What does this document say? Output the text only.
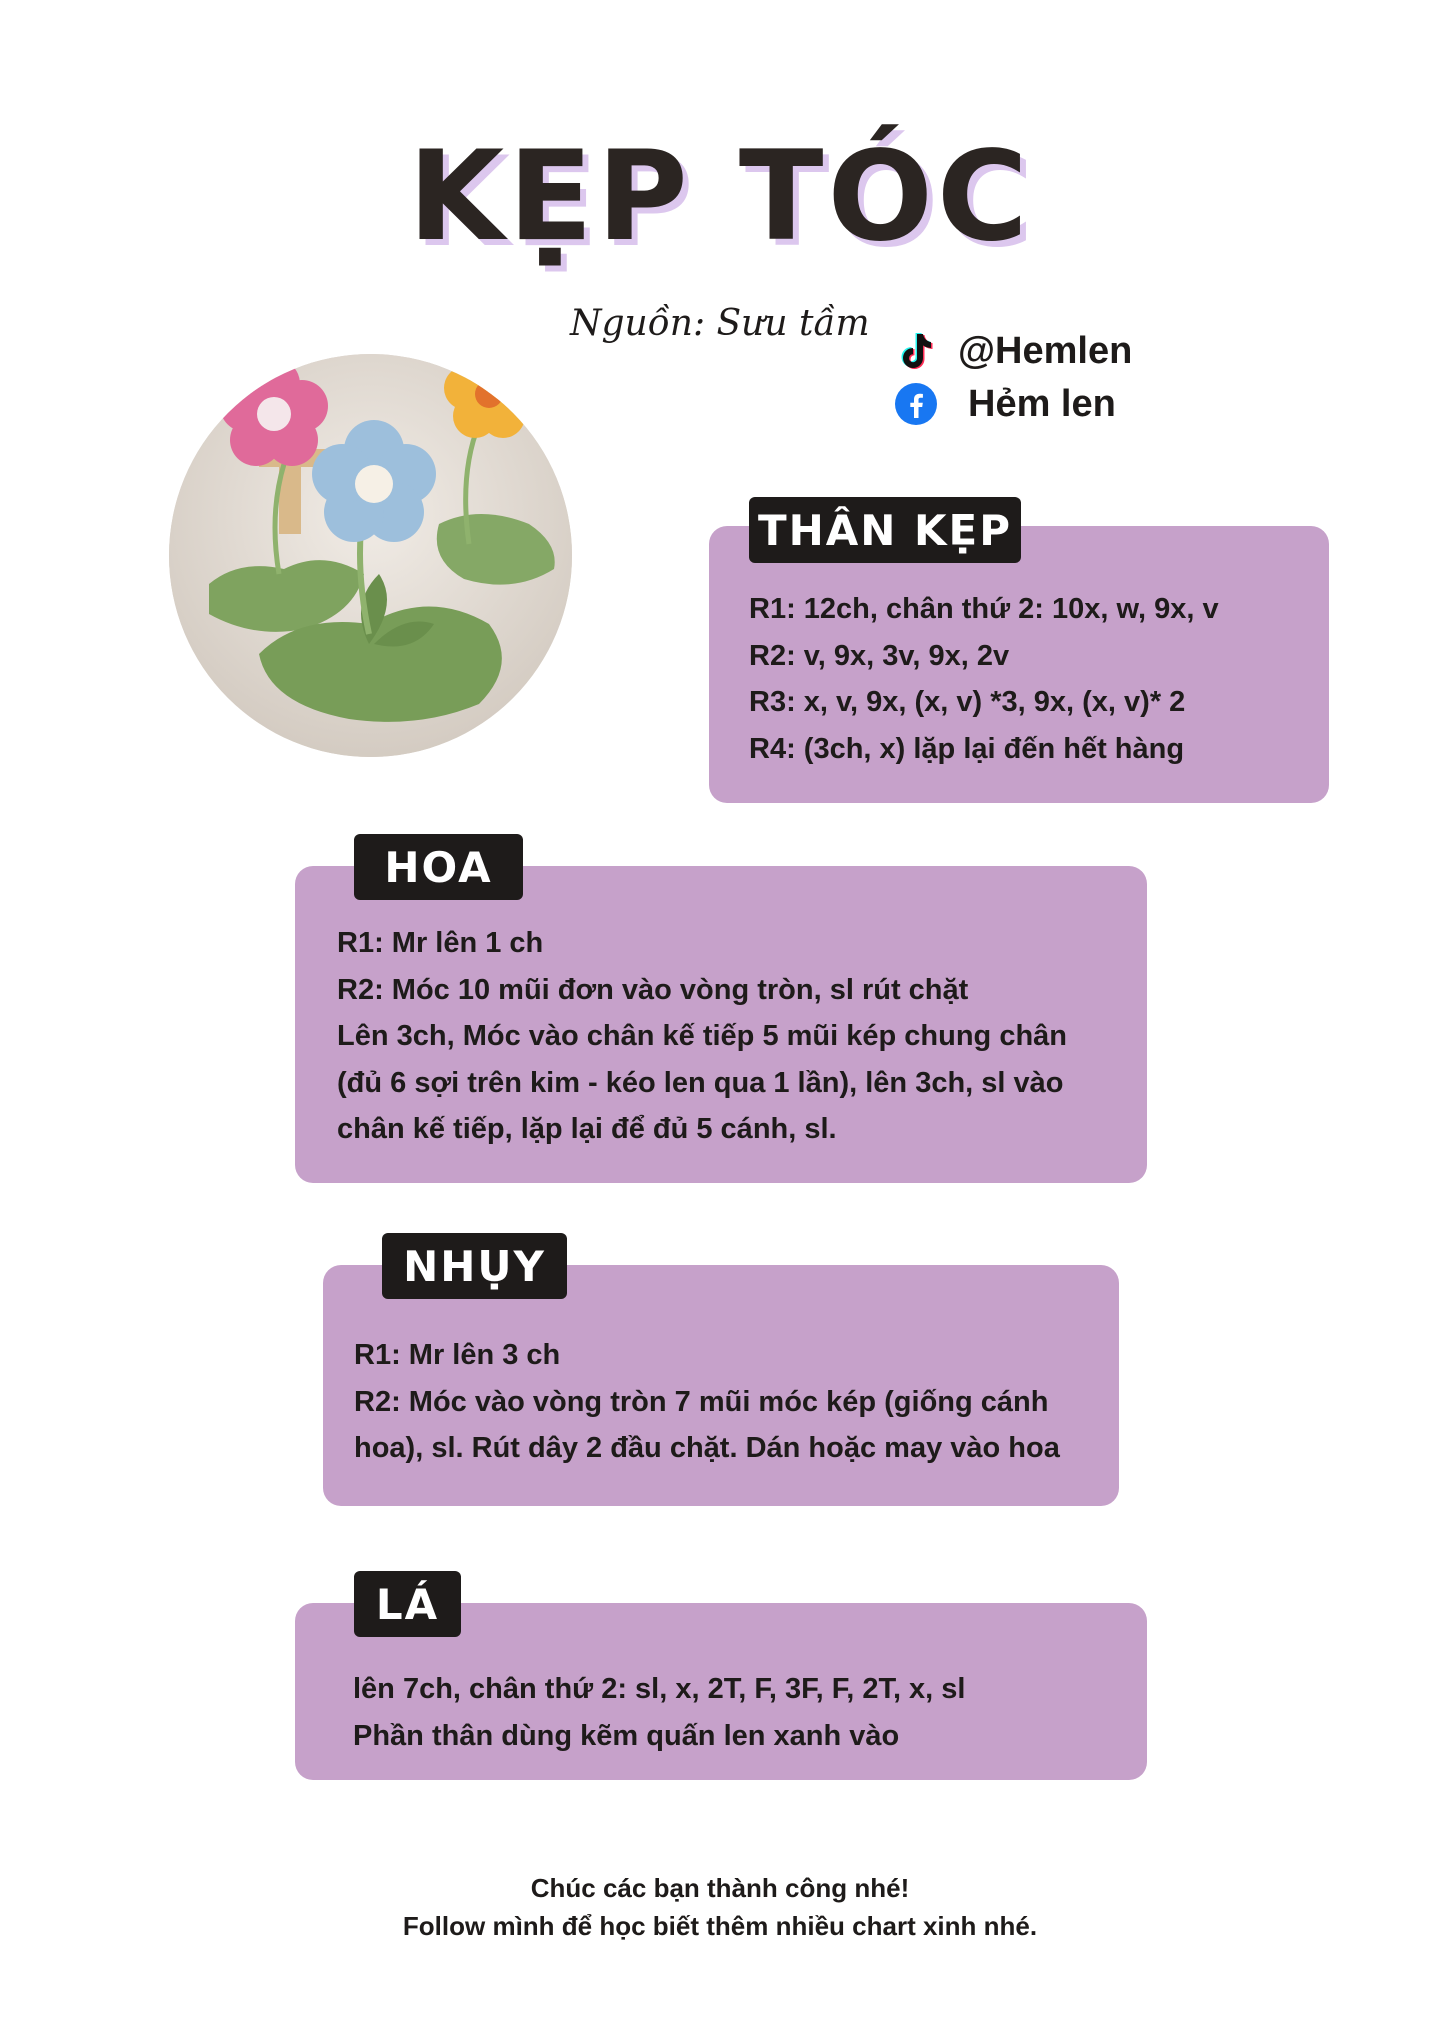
KẸP TÓC
Nguồn: Sưu tầm
@Hemlen
Hẻm len
R1: 12ch, chân thứ 2: 10x, w, 9x, v
R2: v, 9x, 3v, 9x, 2v
R3: x, v, 9x, (x, v) *3, 9x, (x, v)* 2
R4: (3ch, x) lặp lại đến hết hàng
THÂN KẸP
R1: Mr lên 1 ch
R2: Móc 10 mũi đơn vào vòng tròn, sl rút chặt
Lên 3ch, Móc vào chân kế tiếp 5 mũi kép chung chân
(đủ 6 sợi trên kim - kéo len qua 1 lần), lên 3ch, sl vào
chân kế tiếp, lặp lại để đủ 5 cánh, sl.
HOA
R1: Mr lên 3 ch
R2: Móc vào vòng tròn 7 mũi móc kép (giống cánh
hoa), sl. Rút dây 2 đầu chặt. Dán hoặc may vào hoa
NHỤY
lên 7ch, chân thứ 2: sl, x, 2T, F, 3F, F, 2T, x, sl
Phần thân dùng kẽm quấn len xanh vào
LÁ
Chúc các bạn thành công nhé!
Follow mình để học biết thêm nhiều chart xinh nhé.
